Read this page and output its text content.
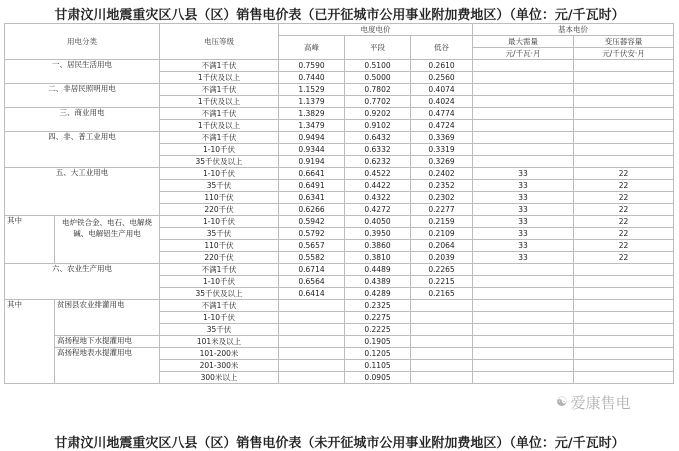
甘肃汶川地震重灾区八县（区）销售电价表（已开征城市公用事业附加费地区）（单位：元/千瓦时）
用电分类		电压等级	电度电价			基本电价	
			高峰	平段	低谷	最大需量	变压器容量
						元/千瓦·月	元/千伏安·月
一、居民生活用电		不满1千伏	0.7590	0.5100	0.2610		
		1千伏及以上	0.7440	0.5000	0.2560		
二、非居民照明用电		不满1千伏	1.1529	0.7802	0.4074		
		1千伏及以上	1.1379	0.7702	0.4024		
三、商业用电		不满1千伏	1.3829	0.9202	0.4774		
		1千伏及以上	1.3479	0.9102	0.4724		
四、非、普工业用电		不满1千伏	0.9494	0.6432	0.3369		
		1-10千伏	0.9344	0.6332	0.3319		
		35千伏及以上	0.9194	0.6232	0.3269		
五、大工业用电		1-10千伏	0.6641	0.4522	0.2402	33	22
		35千伏	0.6491	0.4422	0.2352	33	22
		110千伏	0.6341	0.4322	0.2302	33	22
		220千伏	0.6266	0.4272	0.2277	33	22
其中	电炉铁合金、电石、电解烧碱、电解铝生产用电	1-10千伏	0.5942	0.4050	0.2159	33	22
		35千伏	0.5792	0.3950	0.2109	33	22
		110千伏	0.5657	0.3860	0.2064	33	22
		220千伏	0.5582	0.3810	0.2039	33	22
六、农业生产用电		不满1千伏	0.6714	0.4489	0.2265		
		1-10千伏	0.6564	0.4389	0.2215		
		35千伏及以上	0.6414	0.4289	0.2165		
其中	贫困县农业排灌用电	不满1千伏		0.2325			
		1-10千伏		0.2275			
		35千伏		0.2225			
	高扬程地下水提灌用电	101米及以上		0.1905			
	高扬程地表水提灌用电	101-200米		0.1205			
		201-300米		0.1105			
		300米以上		0.0905			
甘肃汶川地震重灾区八县（区）销售电价表（未开征城市公用事业附加费地区）（单位：元/千瓦时）
☯ 爱康售电
